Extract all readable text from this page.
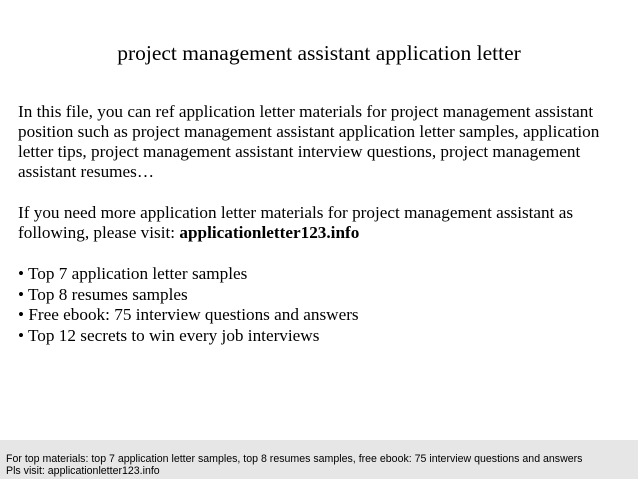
project management assistant application letter

In this file, you can ref application letter materials for project management assistant position such as project management assistant application letter samples, application letter tips, project management assistant interview questions, project management assistant resumes…

If you need more application letter materials for project management assistant as following, please visit: applicationletter123.info

• Top 7 application letter samples
• Top 8 resumes samples
• Free ebook: 75 interview questions and answers
• Top 12 secrets to win every job interviews
For top materials: top 7 application letter samples, top 8 resumes samples, free ebook: 75 interview questions and answers
Pls visit: applicationletter123.info
